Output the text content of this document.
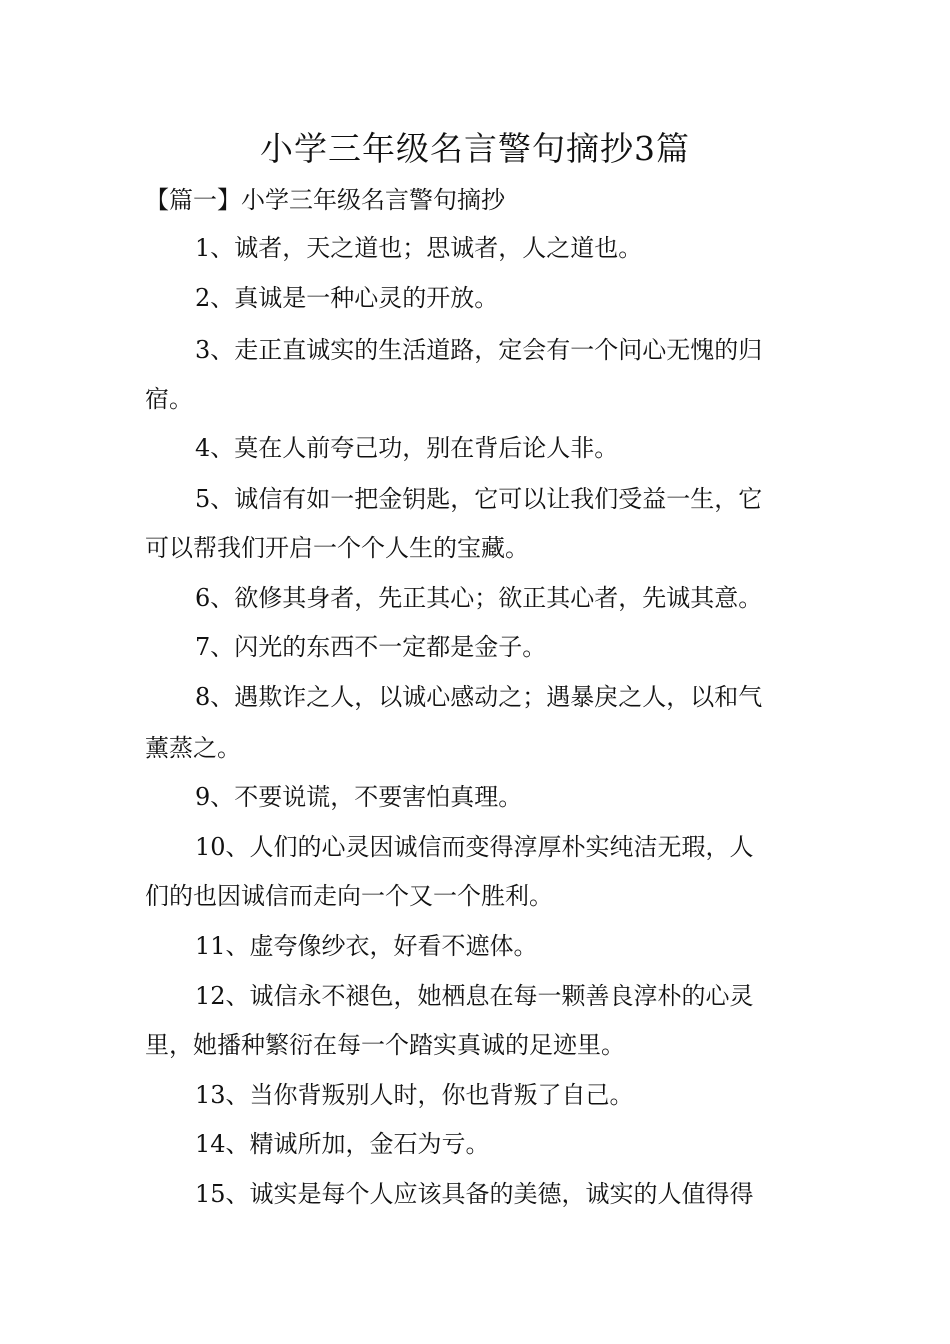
小学三年级名言警句摘抄3篇
【篇一】小学三年级名言警句摘抄
1、诚者，天之道也；思诚者，人之道也。
2、真诚是一种心灵的开放。
3、走正直诚实的生活道路，定会有一个问心无愧的归
宿。
4、莫在人前夸己功，别在背后论人非。
5、诚信有如一把金钥匙，它可以让我们受益一生，它
可以帮我们开启一个个人生的宝藏。
6、欲修其身者，先正其心；欲正其心者，先诚其意。
7、闪光的东西不一定都是金子。
8、遇欺诈之人，以诚心感动之；遇暴戾之人，以和气
薰蒸之。
9、不要说谎，不要害怕真理。
10、人们的心灵因诚信而变得淳厚朴实纯洁无瑕，人
们的也因诚信而走向一个又一个胜利。
11、虚夸像纱衣，好看不遮体。
12、诚信永不褪色，她栖息在每一颗善良淳朴的心灵
里，她播种繁衍在每一个踏实真诚的足迹里。
13、当你背叛别人时，你也背叛了自己。
14、精诚所加，金石为亏。
15、诚实是每个人应该具备的美德，诚实的人值得得
